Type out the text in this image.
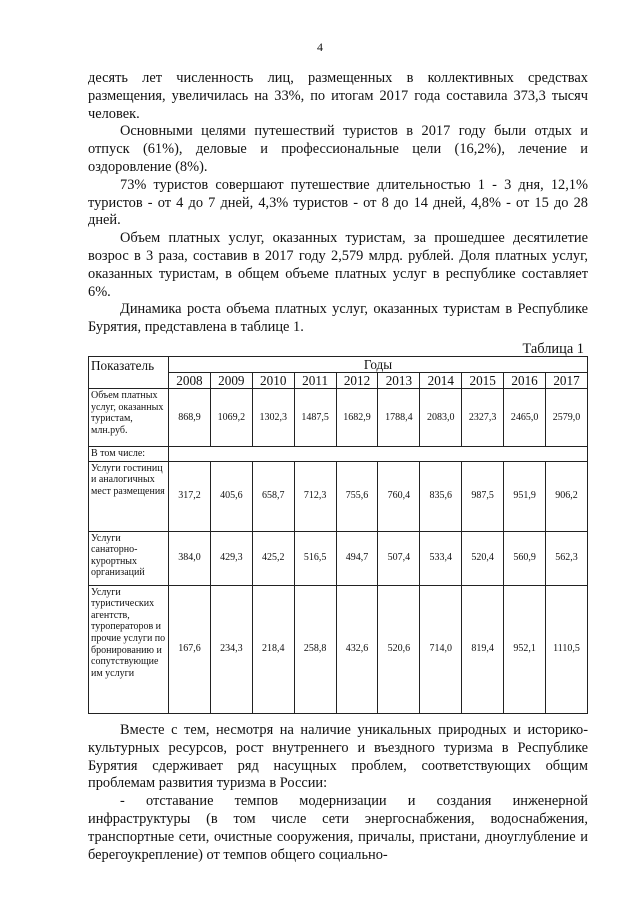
4

десять лет численность лиц, размещенных в коллективных средствах размещения, увеличилась на 33%, по итогам 2017 года составила 373,3 тысяч человек.

Основными целями путешествий туристов в 2017 году были отдых и отпуск (61%), деловые и профессиональные цели (16,2%), лечение и оздоровление (8%).

73% туристов совершают путешествие длительностью 1 - 3 дня, 12,1% туристов - от 4 до 7 дней, 4,3% туристов - от 8 до 14 дней, 4,8% - от 15 до 28 дней.

Объем платных услуг, оказанных туристам, за прошедшее десятилетие возрос в 3 раза, составив в 2017 году 2,579 млрд. рублей. Доля платных услуг, оказанных туристам, в общем объеме платных услуг в республике составляет 6%.

Динамика роста объема платных услуг, оказанных туристам в Республике Бурятия, представлена в таблице 1.

Таблица 1
Показатель	Годы									
	2008	2009	2010	2011	2012	2013	2014	2015	2016	2017
Объем платных услуг, оказанных туристам, млн.руб.	868,9	1069,2	1302,3	1487,5	1682,9	1788,4	2083,0	2327,3	2465,0	2579,0
В том числе:										
Услуги гостиниц и аналогичных мест размещения	317,2	405,6	658,7	712,3	755,6	760,4	835,6	987,5	951,9	906,2
Услуги санаторно-курортных организаций	384,0	429,3	425,2	516,5	494,7	507,4	533,4	520,4	560,9	562,3
Услуги туристических агентств, туроператоров и прочие услуги по бронированию и сопутствующие им услуги	167,6	234,3	218,4	258,8	432,6	520,6	714,0	819,4	952,1	1110,5

Вместе с тем, несмотря на наличие уникальных природных и историко-культурных ресурсов, рост внутреннего и въездного туризма в Республике Бурятия сдерживает ряд насущных проблем, соответствующих общим проблемам развития туризма в России:

- отставание темпов модернизации и создания инженерной инфраструктуры (в том числе сети энергоснабжения, водоснабжения, транспортные сети, очистные сооружения, причалы, пристани, дноуглубление и берегоукрепление) от темпов общего социально-
